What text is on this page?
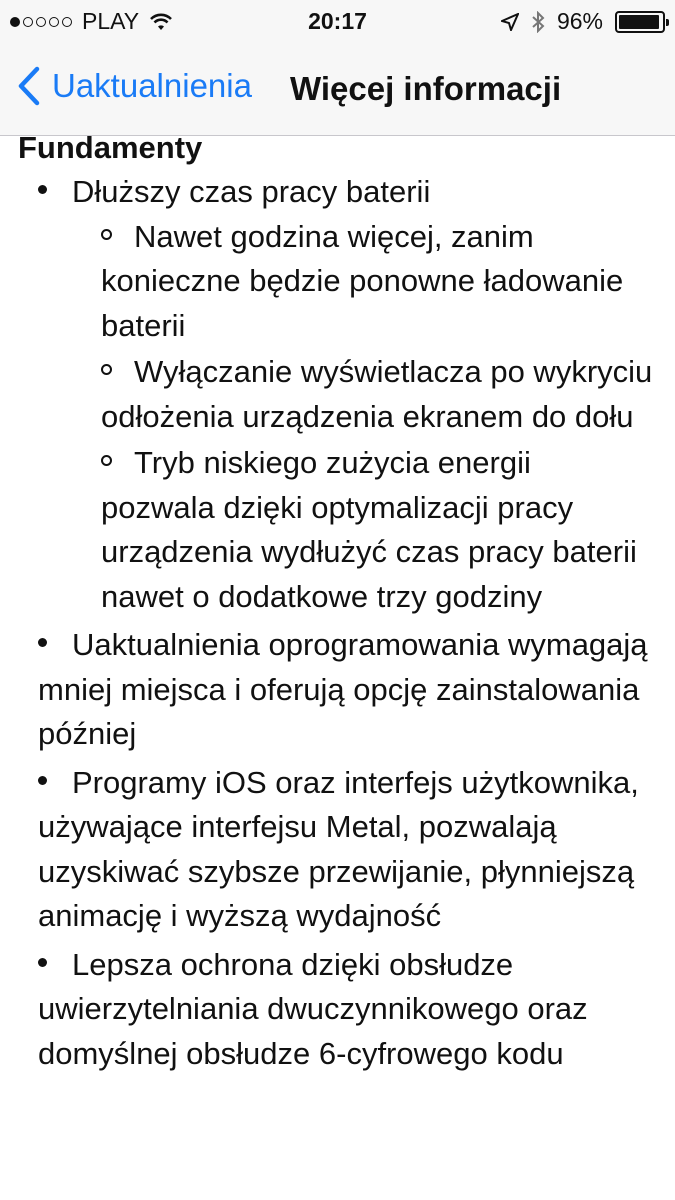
PLAY	20:17	96%
Uaktualnienia Więcej informacji
Fundamenty
Dłuższy czas pracy baterii
Nawet godzina więcej, zanim konieczne będzie ponowne ładowanie baterii
Wyłączanie wyświetlacza po wykryciu odłożenia urządzenia ekranem do dołu
Tryb niskiego zużycia energii pozwala dzięki optymalizacji pracy urządzenia wydłużyć czas pracy baterii nawet o dodatkowe trzy godziny
Uaktualnienia oprogramowania wymagają mniej miejsca i oferują opcję zainstalowania później
Programy iOS oraz interfejs użytkownika, używające interfejsu Metal, pozwalają uzyskiwać szybsze przewijanie, płynniejszą animację i wyższą wydajność
Lepsza ochrona dzięki obsłudze uwierzytelniania dwuczynnikowego oraz domyślnej obsłudze 6-cyfrowego kodu
